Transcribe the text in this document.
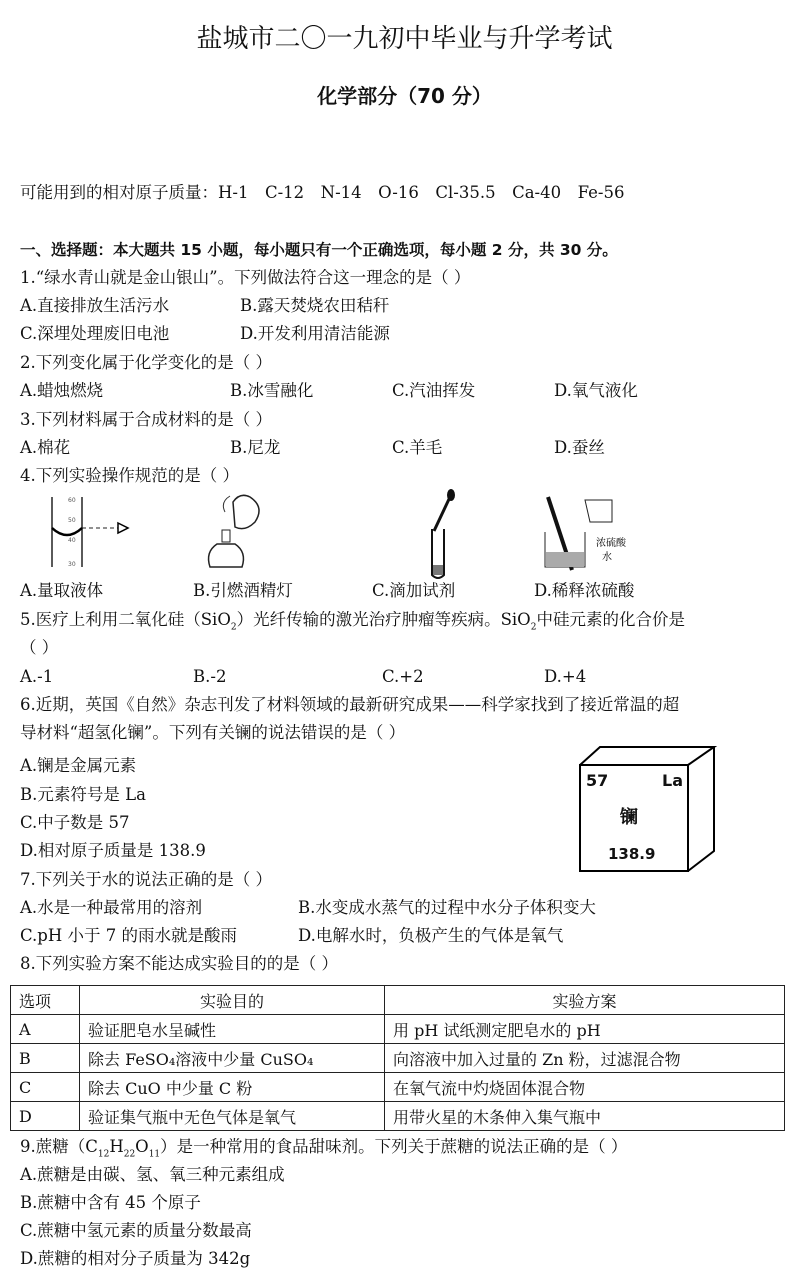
盐城市二〇一九初中毕业与升学考试
化学部分（70 分）
可能用到的相对原子质量：H-1　C-12　N-14　O-16　Cl-35.5　Ca-40　Fe-56
一、选择题：本大题共 15 小题，每小题只有一个正确选项，每小题 2 分，共 30 分。
1.“绿水青山就是金山银山”。下列做法符合这一理念的是（ ）
A.直接排放生活污水	B.露天焚烧农田秸秆
C.深埋处理废旧电池	D.开发利用清洁能源
2.下列变化属于化学变化的是（ ）
A.蜡烛燃烧	B.冰雪融化	C.汽油挥发	D.氧气液化
3.下列材料属于合成材料的是（ ）
A.棉花	B.尼龙	C.羊毛	D.蚕丝
4.下列实验操作规范的是（ ）
60
50
40
30
浓硫酸
水
A.量取液体	B.引燃酒精灯	C.滴加试剂	D.稀释浓硫酸
5.医疗上利用二氧化硅（SiO$_2$）光纤传输的激光治疗肿瘤等疾病。SiO$_2$中硅元素的化合价是
（ ）
A.-1	B.-2	C.+2	D.+4
6.近期，英国《自然》杂志刊发了材料领域的最新研究成果——科学家找到了接近常温的超
导材料“超氢化镧”。下列有关镧的说法错误的是（ ）
A.镧是金属元素
B.元素符号是 La
C.中子数是 57
D.相对原子质量是 138.9
57	La
镧
138.9
7.下列关于水的说法正确的是（ ）
A.水是一种最常用的溶剂	B.水变成水蒸气的过程中水分子体积变大
C.pH 小于 7 的雨水就是酸雨	D.电解水时，负极产生的气体是氧气
8.下列实验方案不能达成实验目的的是（ ）
选项	实验目的	实验方案
A	验证肥皂水呈碱性	用 pH 试纸测定肥皂水的 pH
B	除去 FeSO₄溶液中少量 CuSO₄	向溶液中加入过量的 Zn 粉，过滤混合物
C	除去 CuO 中少量 C 粉	在氧气流中灼烧固体混合物
D	验证集气瓶中无色气体是氧气	用带火星的木条伸入集气瓶中
9.蔗糖$(C_{12}H_{22}O_{11})$是一种常用的食品甜味剂。下列关于蔗糖的说法正确的是（ ）
A.蔗糖是由碳、氢、氧三种元素组成
B.蔗糖中含有 45 个原子
C.蔗糖中氢元素的质量分数最高
D.蔗糖的相对分子质量为 342g
